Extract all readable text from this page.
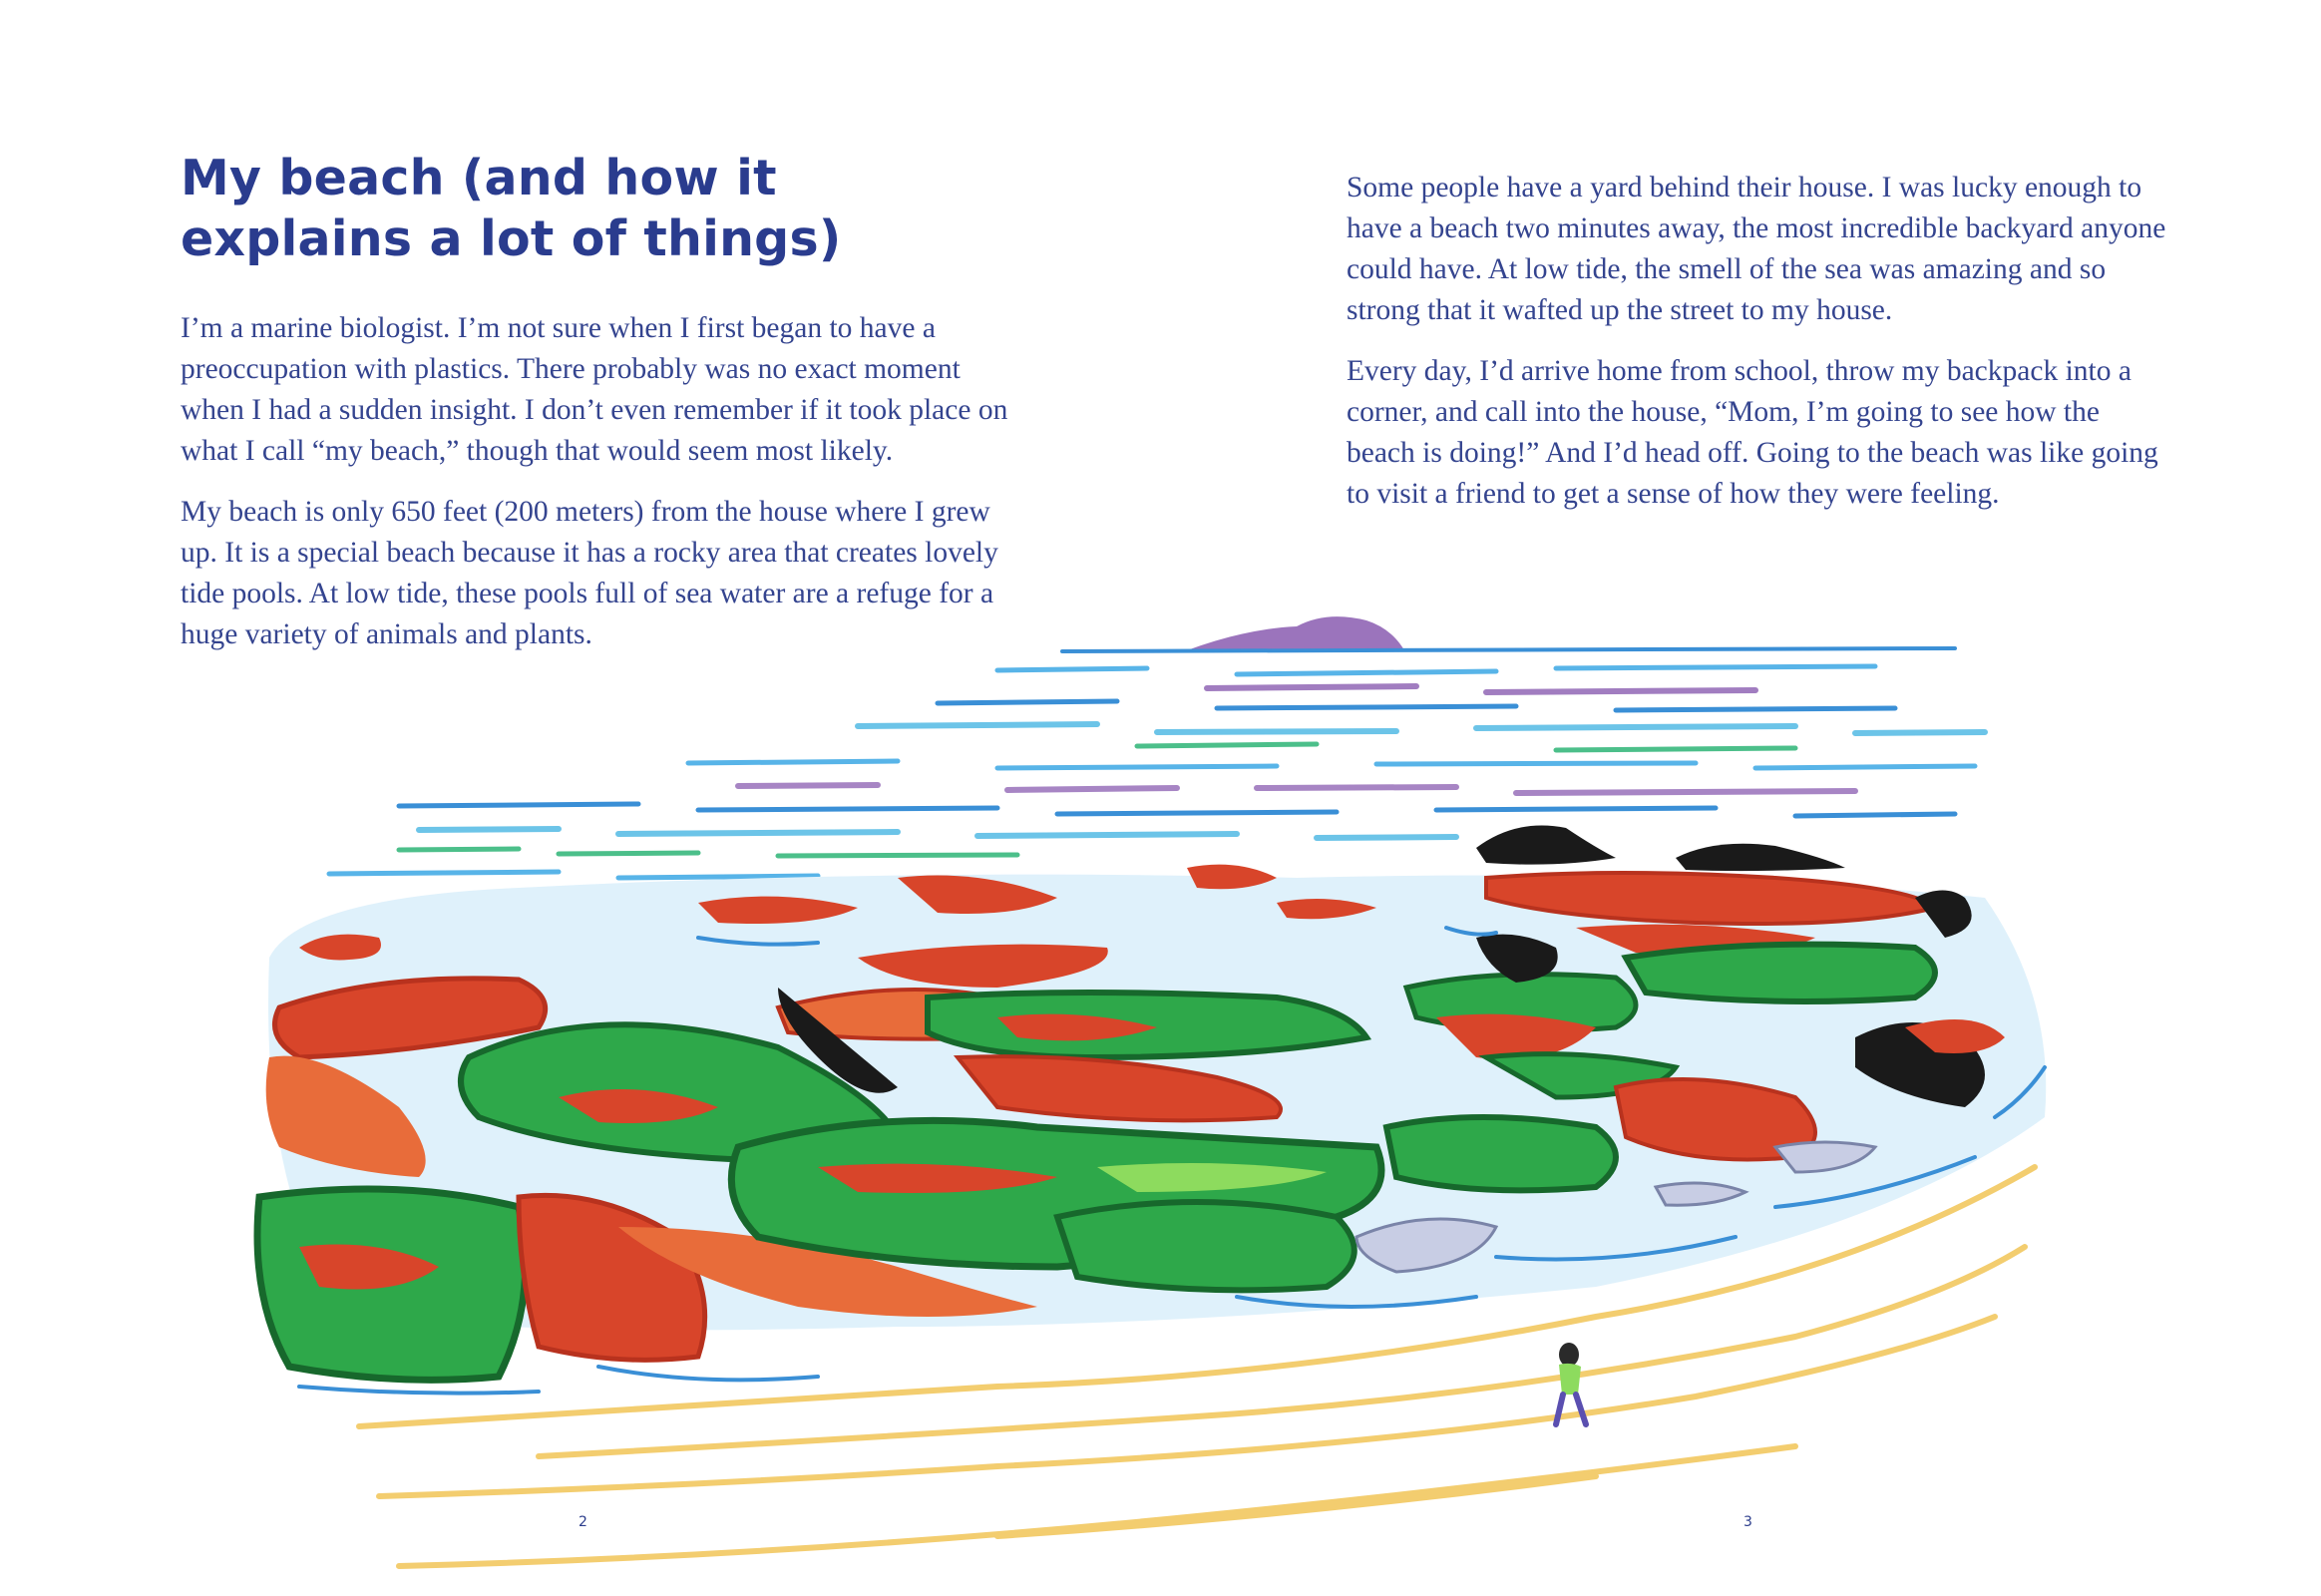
My beach (and how it explains a lot of things)

I’m a marine biologist. I’m not sure when I first began to have a preoccupation with plastics. There probably was no exact moment when I had a sudden insight. I don’t even remember if it took place on what I call “my beach,” though that would seem most likely.

My beach is only 650 feet (200 meters) from the house where I grew up. It is a special beach because it has a rocky area that creates lovely tide pools. At low tide, these pools full of sea water are a refuge for a huge variety of animals and plants.

Some people have a yard behind their house. I was lucky enough to have a beach two minutes away, the most incredible backyard anyone could have. At low tide, the smell of the sea was amazing and so strong that it wafted up the street to my house.

Every day, I’d arrive home from school, throw my backpack into a corner, and call into the house, “Mom, I’m going to see how the beach is doing!” And I’d head off. Going to the beach was like going to visit a friend to get a sense of how they were feeling.

2	3
